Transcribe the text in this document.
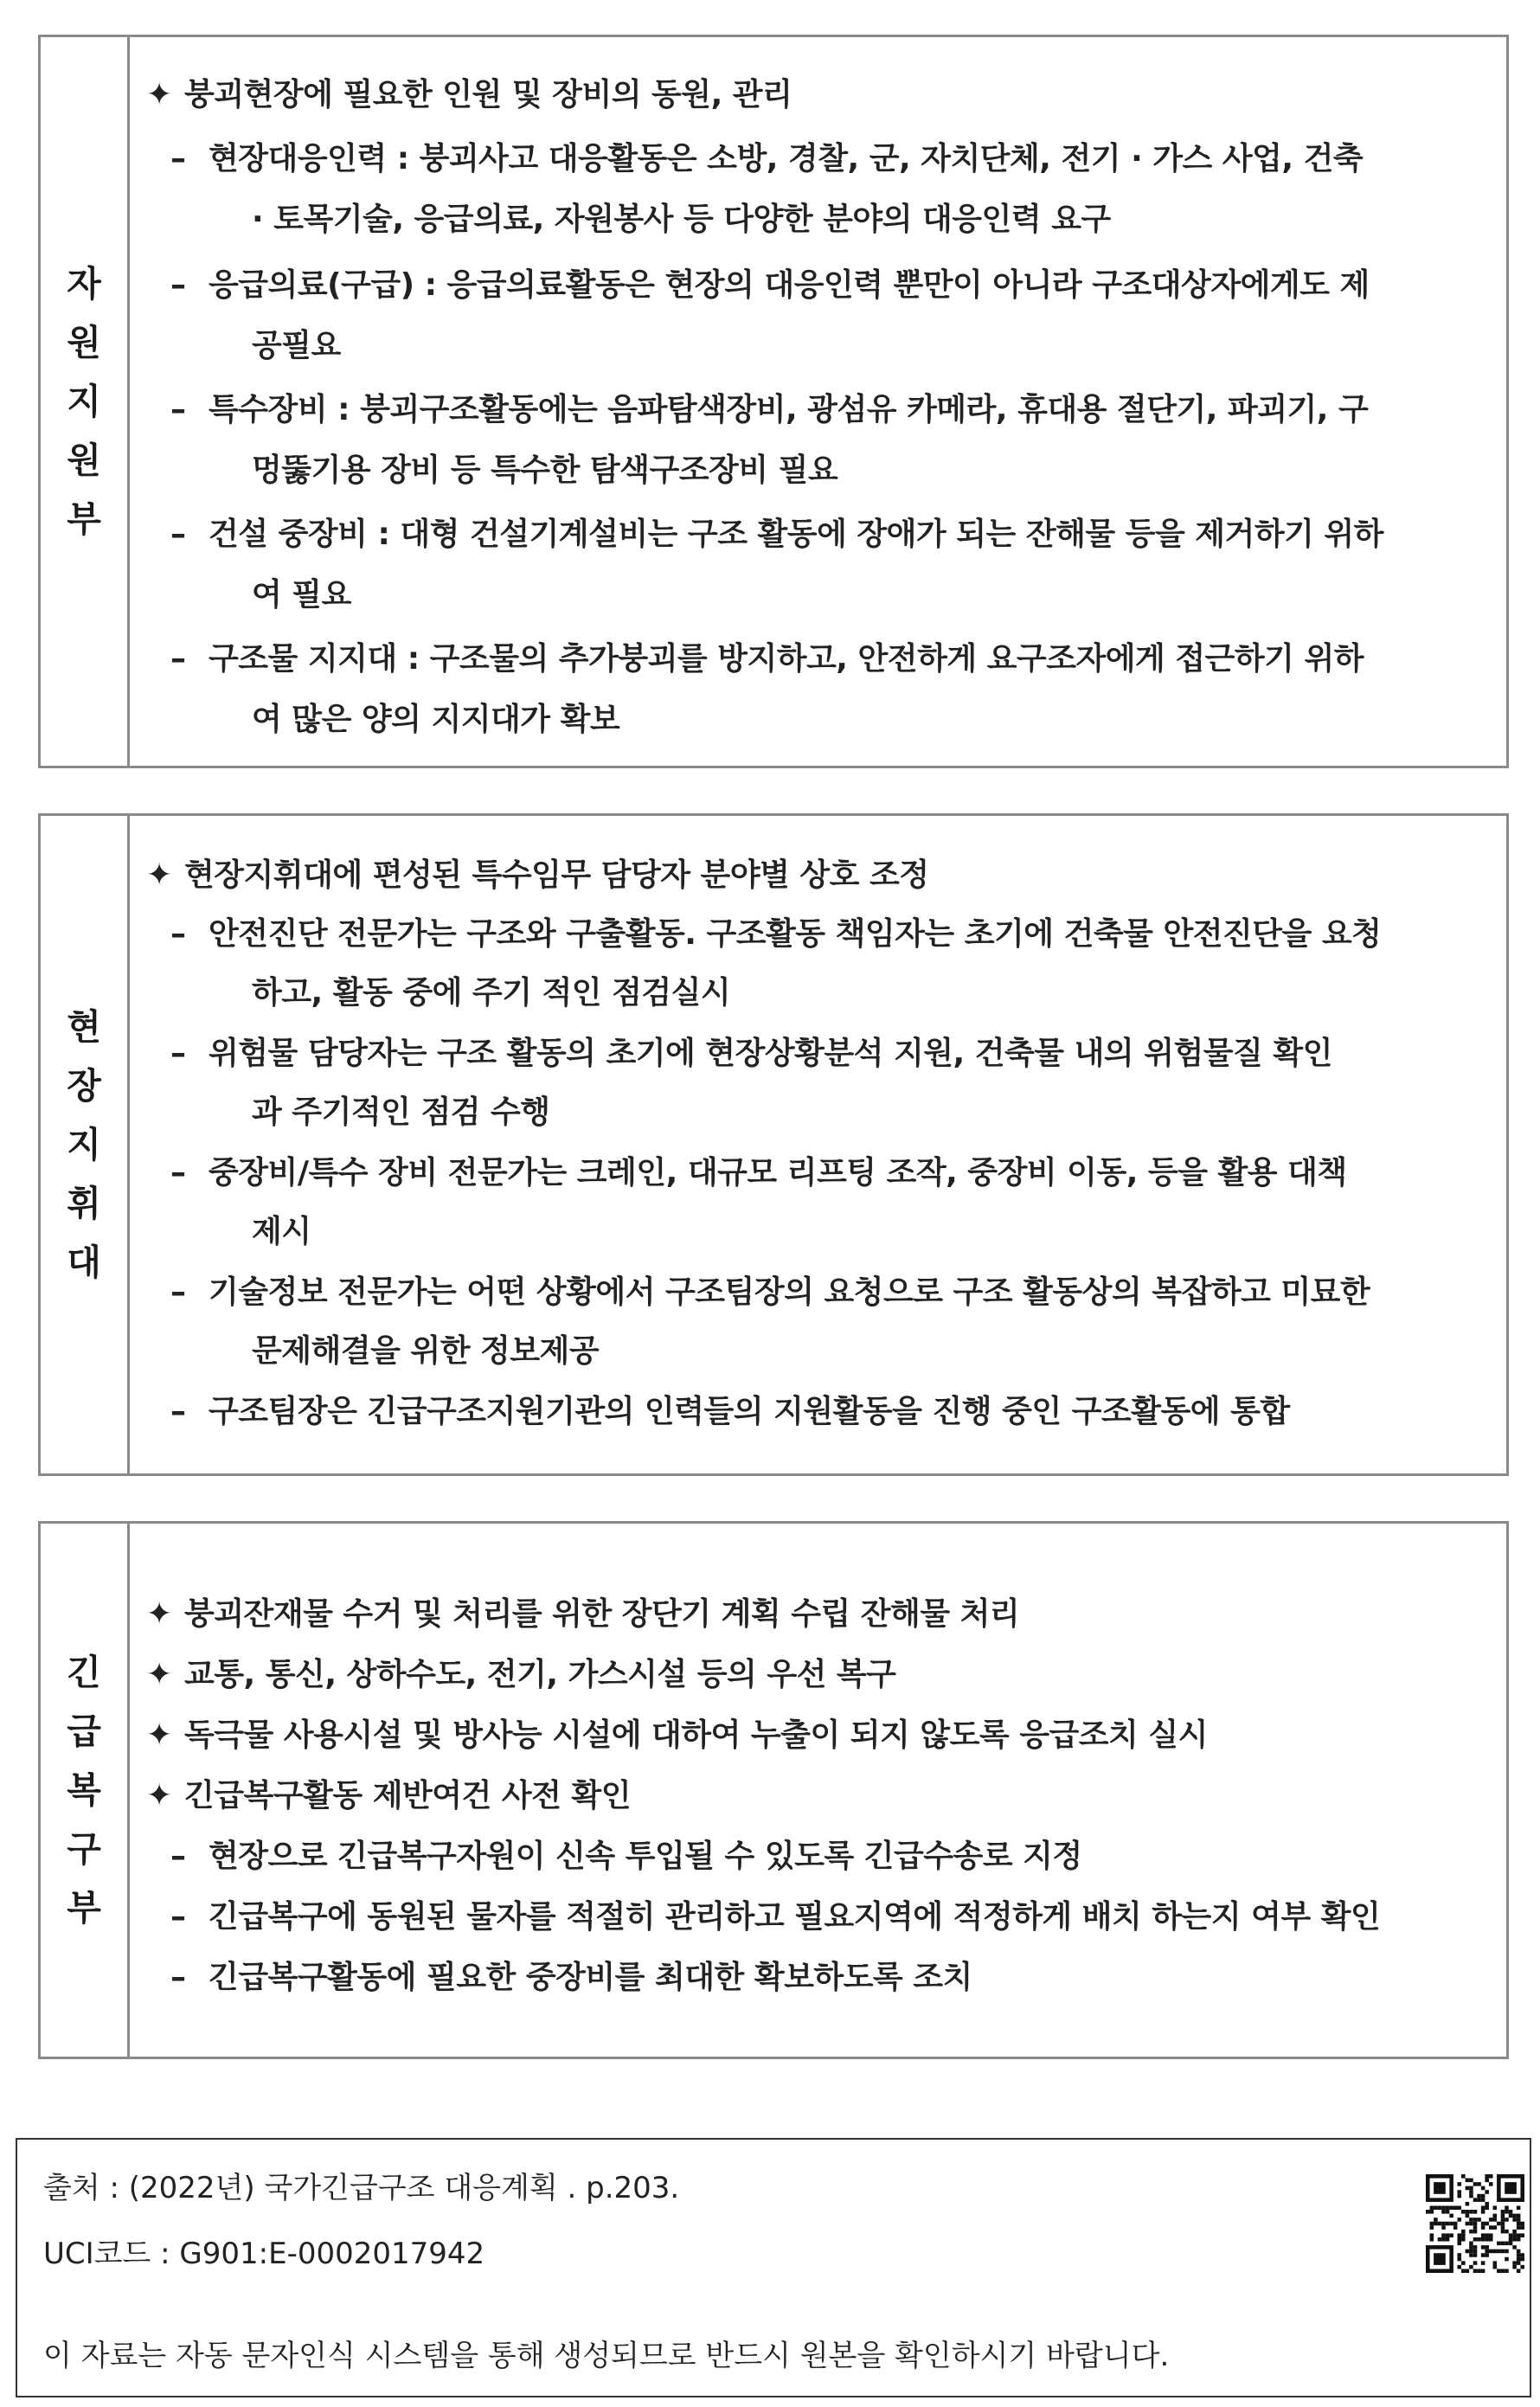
자
원
지
원
부
✦ 붕괴현장에 필요한 인원 및 장비의 동원, 관리
– 현장대응인력 : 붕괴사고 대응활동은 소방, 경찰, 군, 자치단체, 전기 · 가스 사업, 건축
· 토목기술, 응급의료, 자원봉사 등 다양한 분야의 대응인력 요구
– 응급의료(구급) : 응급의료활동은 현장의 대응인력 뿐만이 아니라 구조대상자에게도 제
공필요
– 특수장비 : 붕괴구조활동에는 음파탐색장비, 광섬유 카메라, 휴대용 절단기, 파괴기, 구
멍뚫기용 장비 등 특수한 탐색구조장비 필요
– 건설 중장비 : 대형 건설기계설비는 구조 활동에 장애가 되는 잔해물 등을 제거하기 위하
여 필요
– 구조물 지지대 : 구조물의 추가붕괴를 방지하고, 안전하게 요구조자에게 접근하기 위하
여 많은 양의 지지대가 확보
현
장
지
휘
대
✦ 현장지휘대에 편성된 특수임무 담당자 분야별 상호 조정
– 안전진단 전문가는 구조와 구출활동. 구조활동 책임자는 초기에 건축물 안전진단을 요청
하고, 활동 중에 주기 적인 점검실시
– 위험물 담당자는 구조 활동의 초기에 현장상황분석 지원, 건축물 내의 위험물질 확인
과 주기적인 점검 수행
– 중장비/특수 장비 전문가는 크레인, 대규모 리프팅 조작, 중장비 이동, 등을 활용 대책
제시
– 기술정보 전문가는 어떤 상황에서 구조팀장의 요청으로 구조 활동상의 복잡하고 미묘한
문제해결을 위한 정보제공
– 구조팀장은 긴급구조지원기관의 인력들의 지원활동을 진행 중인 구조활동에 통합
긴
급
복
구
부
✦ 붕괴잔재물 수거 및 처리를 위한 장단기 계획 수립 잔해물 처리
✦ 교통, 통신, 상하수도, 전기, 가스시설 등의 우선 복구
✦ 독극물 사용시설 및 방사능 시설에 대하여 누출이 되지 않도록 응급조치 실시
✦ 긴급복구활동 제반여건 사전 확인
– 현장으로 긴급복구자원이 신속 투입될 수 있도록 긴급수송로 지정
– 긴급복구에 동원된 물자를 적절히 관리하고 필요지역에 적정하게 배치 하는지 여부 확인
– 긴급복구활동에 필요한 중장비를 최대한 확보하도록 조치
출처 : (2022년) 국가긴급구조 대응계획 . p.203.
UCI코드 : G901:E-0002017942
이 자료는 자동 문자인식 시스템을 통해 생성되므로 반드시 원본을 확인하시기 바랍니다.
